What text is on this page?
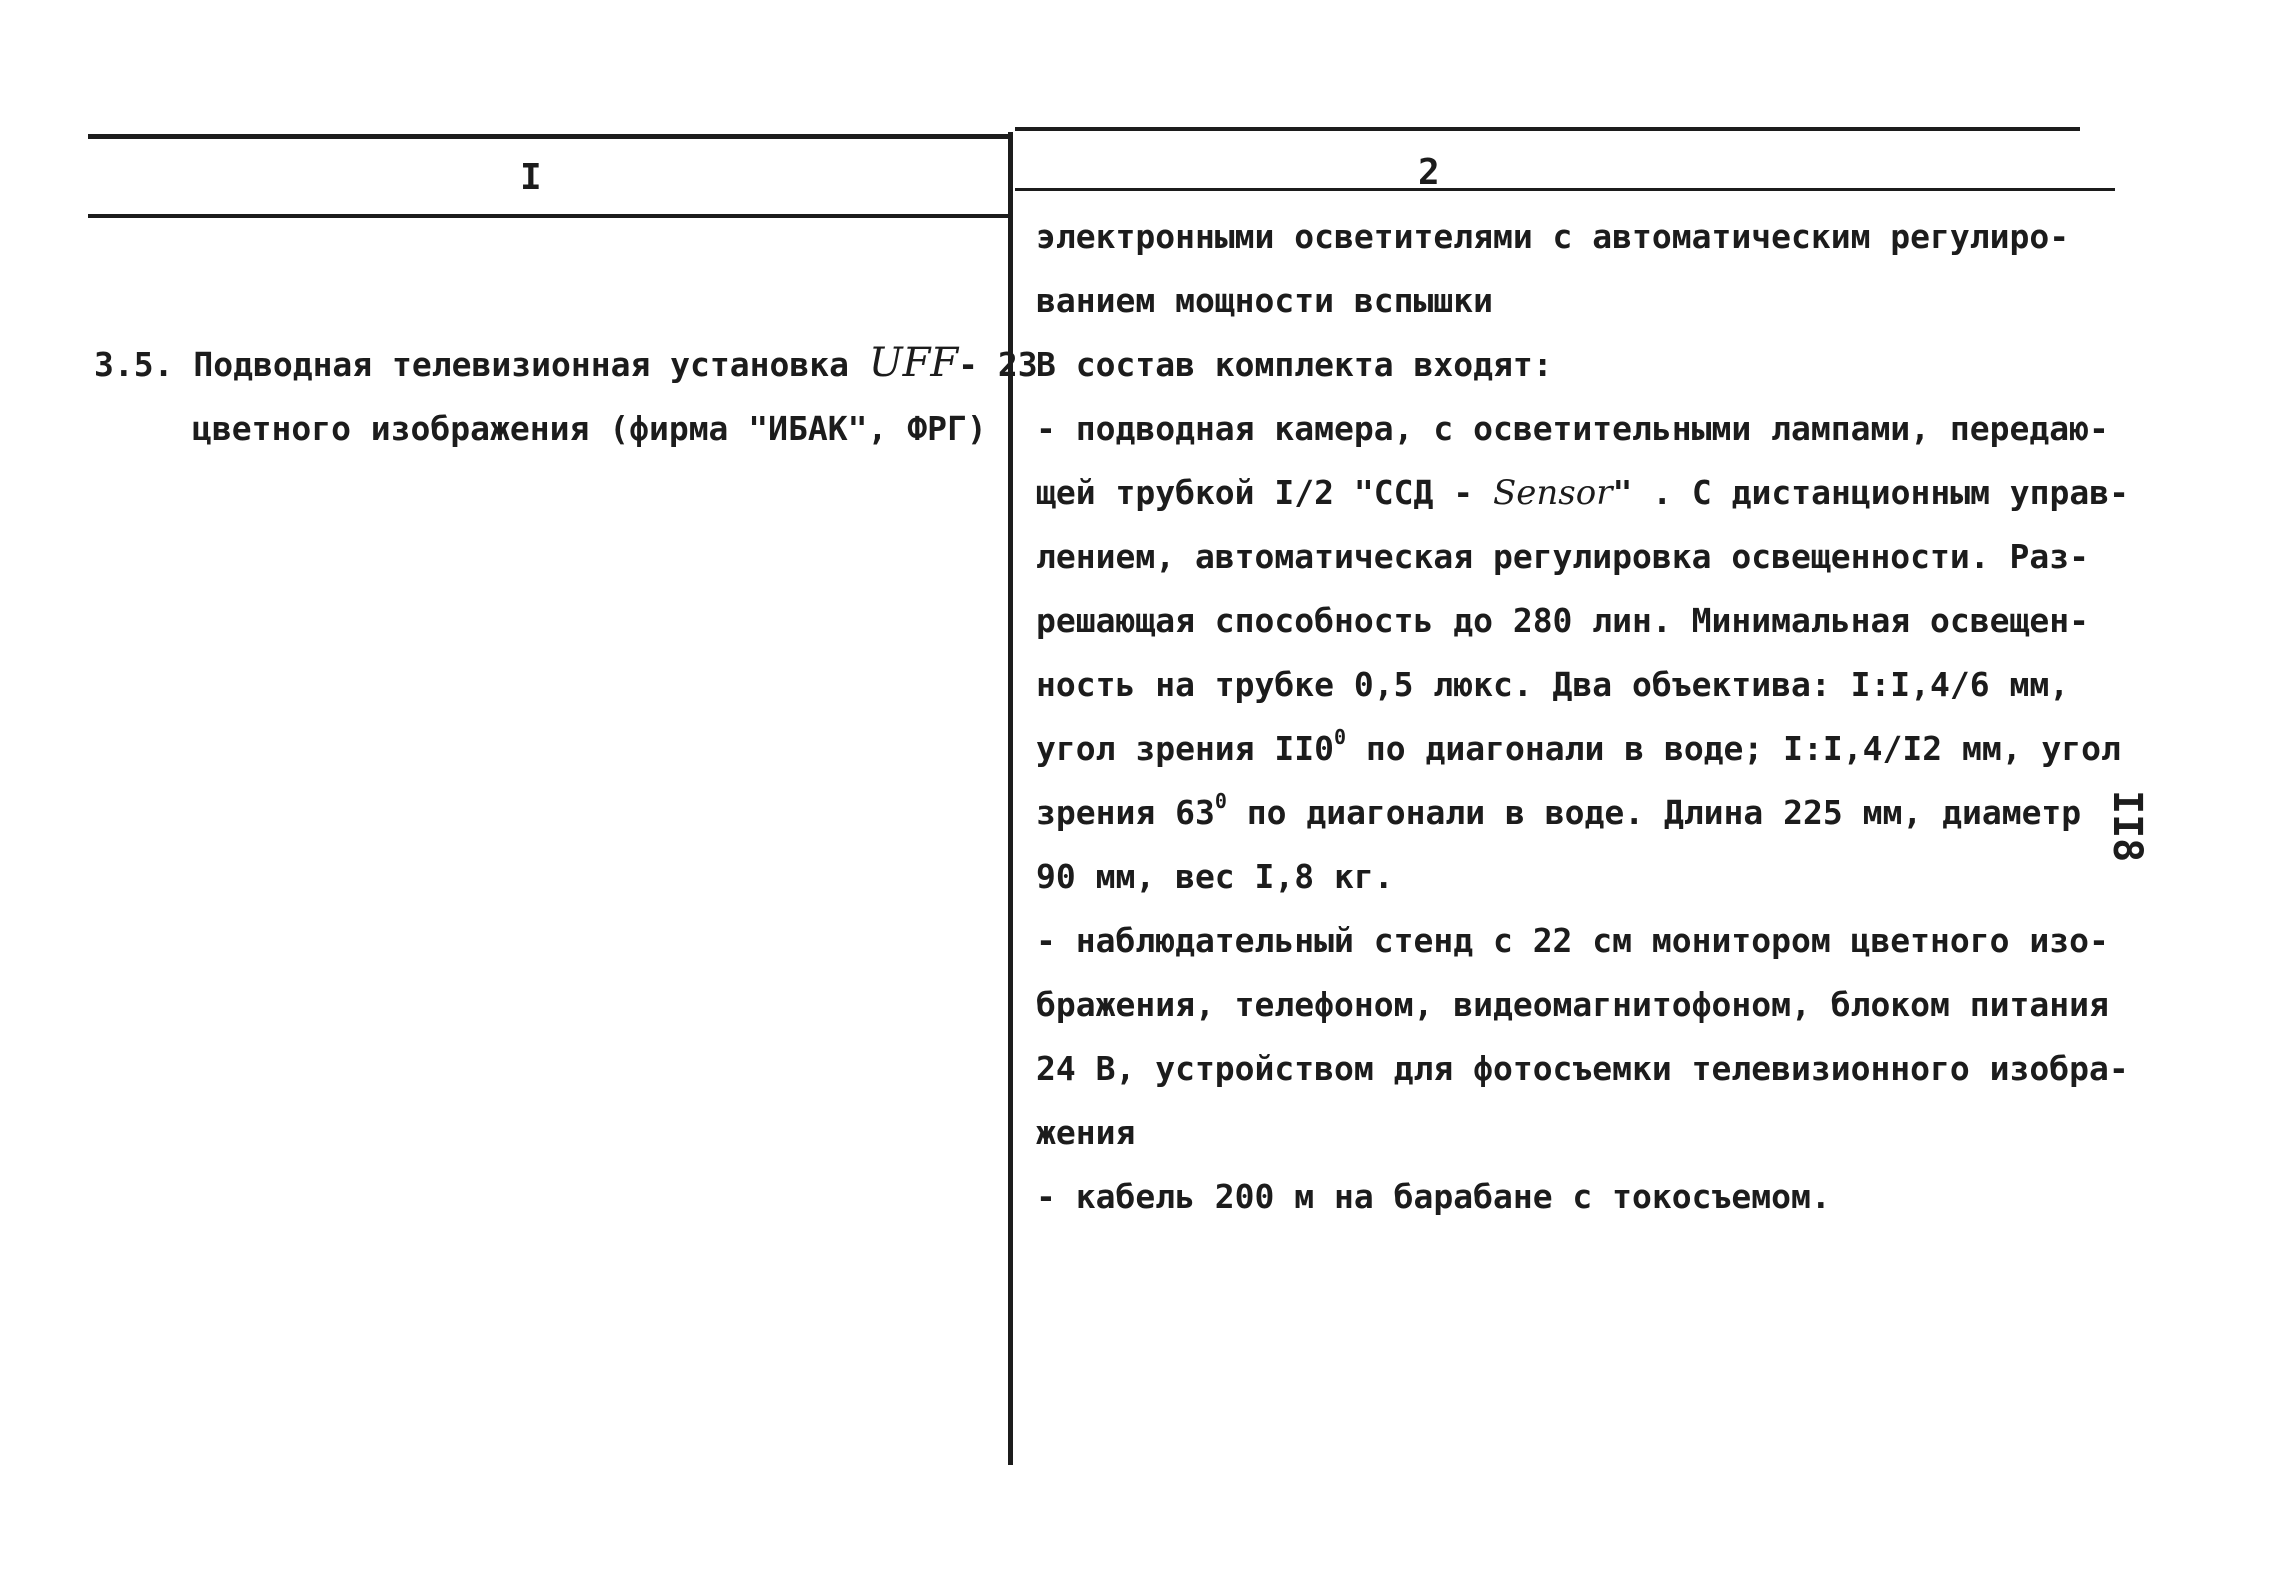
I	2
3.5. Подводная телевизионная установка UFF- 23
цветного изображения (фирма "ИБАК", ФРГ)
электронными осветителями с автоматическим регулиро-
ванием мощности вспышки
В состав комплекта входят:
- подводная камера, с осветительными лампами, передаю-
щей трубкой I/2 "ССД - Sensor" . С дистанционным управ-
лением, автоматическая регулировка освещенности. Раз-
решающая способность до 280 лин. Минимальная освещен-
ность на трубке 0,5 люкс. Два объектива: I:I,4/6 мм,
угол зрения $II0^0$ по диагонали в воде; I:I,4/I2 мм, угол
зрения $63^0$ по диагонали в воде. Длина 225 мм, диаметр
90 мм, вес I,8 кг.
- наблюдательный стенд с 22 см монитором цветного изо-
бражения, телефоном, видеомагнитофоном, блоком питания
24 В, устройством для фотосъемки телевизионного изобра-
жения
- кабель 200 м на барабане с токосъемом.
II8
